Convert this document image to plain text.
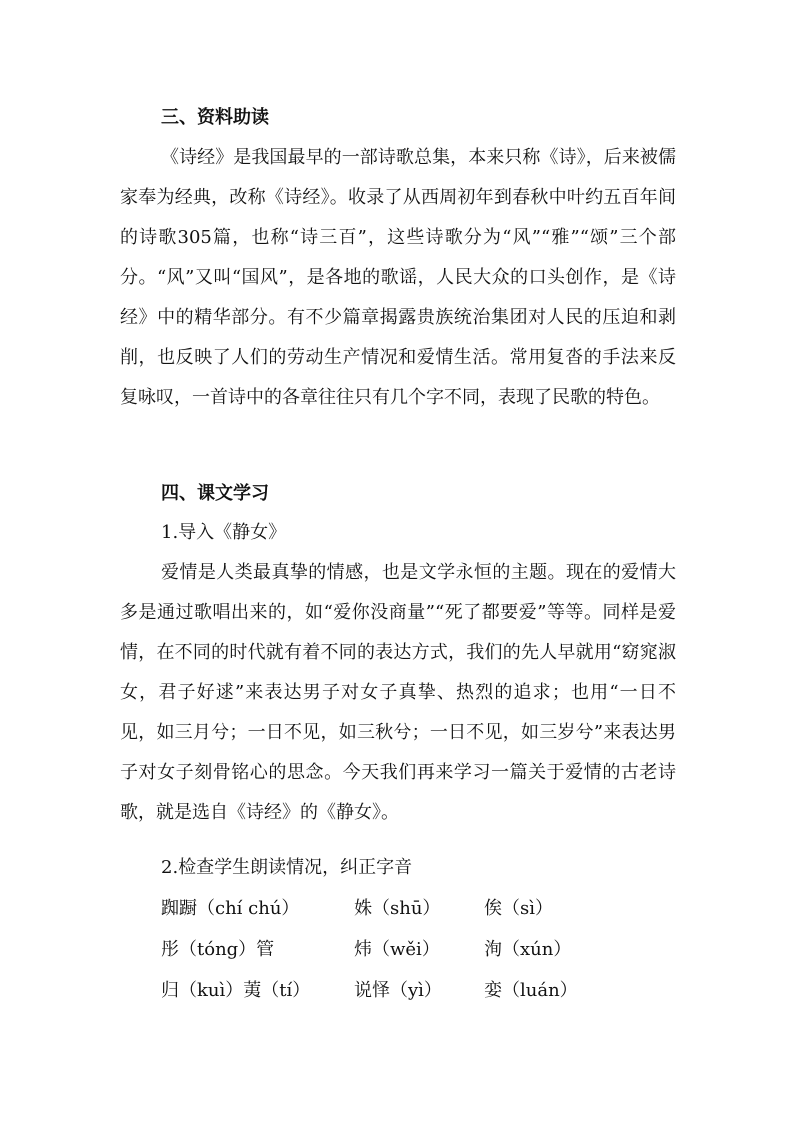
三、资料助读

《诗经》是我国最早的一部诗歌总集，本来只称《诗》，后来被儒家奉为经典，改称《诗经》。收录了从西周初年到春秋中叶约五百年间的诗歌305篇，也称“诗三百”，这些诗歌分为“风”“雅”“颂”三个部分。“风”又叫“国风”，是各地的歌谣，人民大众的口头创作，是《诗经》中的精华部分。有不少篇章揭露贵族统治集团对人民的压迫和剥削，也反映了人们的劳动生产情况和爱情生活。常用复沓的手法来反复咏叹，一首诗中的各章往往只有几个字不同，表现了民歌的特色。

四、课文学习
1.导入《静女》

爱情是人类最真挚的情感，也是文学永恒的主题。现在的爱情大多是通过歌唱出来的，如“爱你没商量”“死了都要爱”等等。同样是爱情，在不同的时代就有着不同的表达方式，我们的先人早就用“窈窕淑女，君子好逑”来表达男子对女子真挚、热烈的追求；也用“一日不见，如三月兮；一日不见，如三秋兮；一日不见，如三岁兮”来表达男子对女子刻骨铭心的思念。今天我们再来学习一篇关于爱情的古老诗歌，就是选自《诗经》的《静女》。

2.检查学生朗读情况，纠正字音
踟蹰（chí chú）	姝（shū） 俟（sì）
彤（tóng）管	炜（wěi） 洵（xún）
归（kuì）荑（tí） 说怿（yì） 娈（luán）
